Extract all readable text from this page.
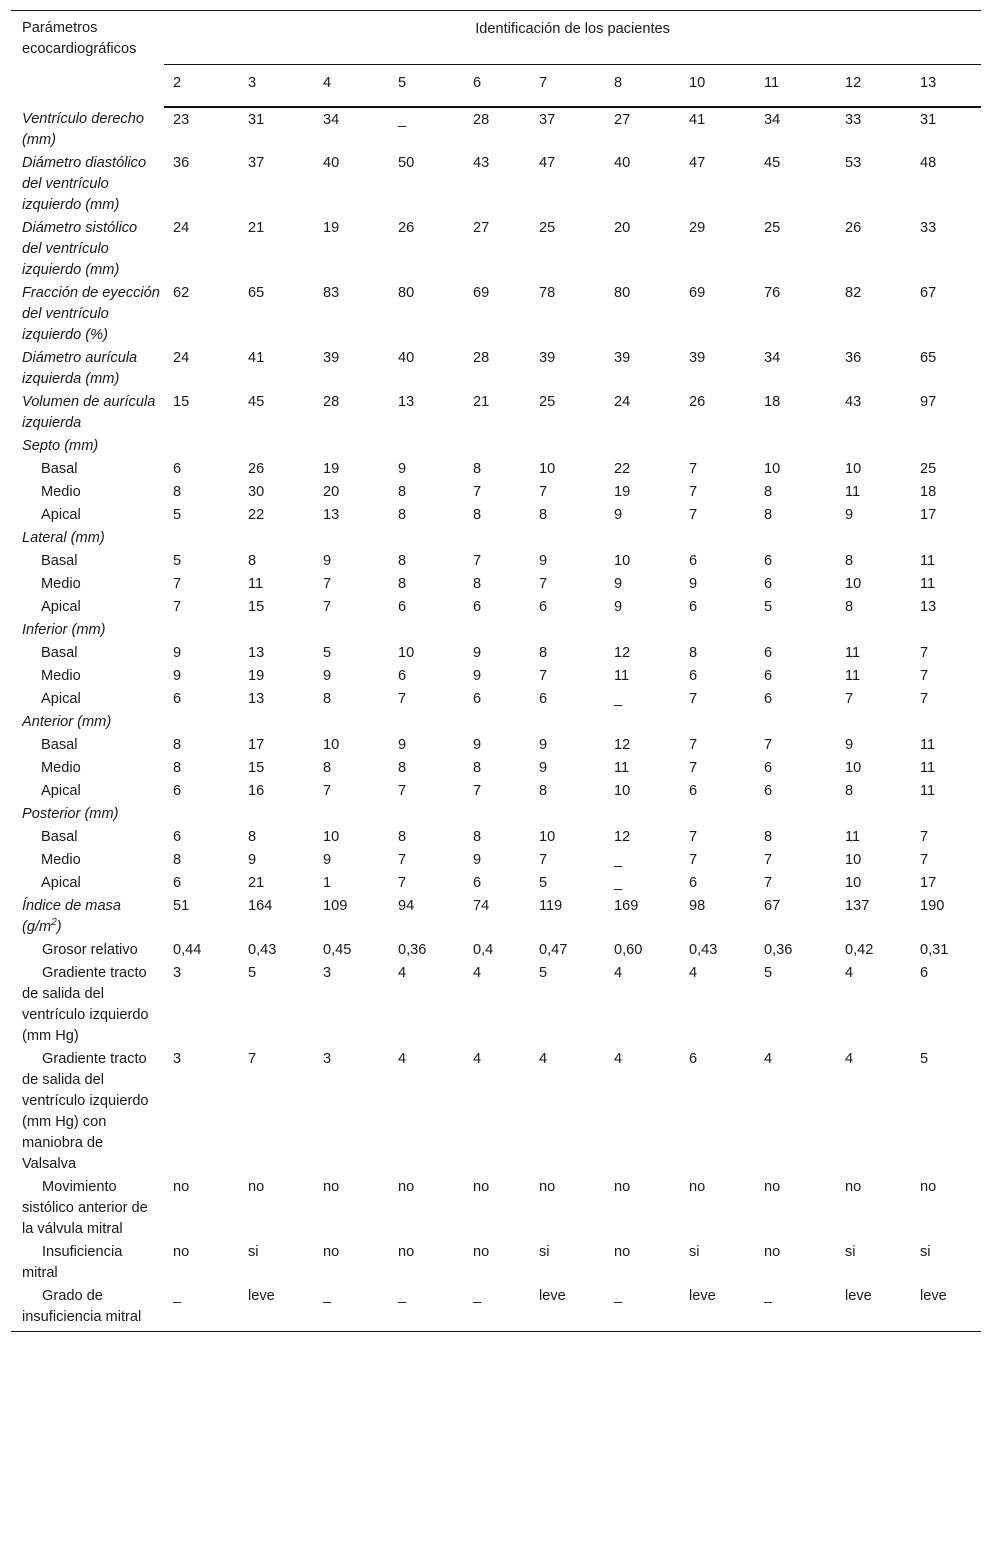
Parámetros ecocardiográficos	Identificación de los pacientes										
	2	3	4	5	6	7	8	10	11	12	13
Ventrículo derecho (mm)	23	31	34	_	28	37	27	41	34	33	31
Diámetro diastólico del ventrículo izquierdo (mm)	36	37	40	50	43	47	40	47	45	53	48
Diámetro sistólico del ventrículo izquierdo (mm)	24	21	19	26	27	25	20	29	25	26	33
Fracción de eyección del ventrículo izquierdo (%)	62	65	83	80	69	78	80	69	76	82	67
Diámetro aurícula izquierda (mm)	24	41	39	40	28	39	39	39	34	36	65
Volumen de aurícula izquierda	15	45	28	13	21	25	24	26	18	43	97
Septo (mm)											
Basal	6	26	19	9	8	10	22	7	10	10	25
Medio	8	30	20	8	7	7	19	7	8	11	18
Apical	5	22	13	8	8	8	9	7	8	9	17
Lateral (mm)											
Basal	5	8	9	8	7	9	10	6	6	8	11
Medio	7	11	7	8	8	7	9	9	6	10	11
Apical	7	15	7	6	6	6	9	6	5	8	13
Inferior (mm)											
Basal	9	13	5	10	9	8	12	8	6	11	7
Medio	9	19	9	6	9	7	11	6	6	11	7
Apical	6	13	8	7	6	6	_	7	6	7	7
Anterior (mm)											
Basal	8	17	10	9	9	9	12	7	7	9	11
Medio	8	15	8	8	8	9	11	7	6	10	11
Apical	6	16	7	7	7	8	10	6	6	8	11
Posterior (mm)											
Basal	6	8	10	8	8	10	12	7	8	11	7
Medio	8	9	9	7	9	7	_	7	7	10	7
Apical	6	21	1	7	6	5	_	6	7	10	17
Índice de masa $(g/m^2)$	51	164	109	94	74	119	169	98	67	137	190
Grosor relativo	0,44	0,43	0,45	0,36	0,4	0,47	0,60	0,43	0,36	0,42	0,31
Gradiente tracto de salida del ventrículo izquierdo (mm Hg)	3	5	3	4	4	5	4	4	5	4	6
Gradiente tracto de salida del ventrículo izquierdo (mm Hg) con maniobra de Valsalva	3	7	3	4	4	4	4	6	4	4	5
Movimiento sistólico anterior de la válvula mitral	no	no	no	no	no	no	no	no	no	no	no
Insuficiencia mitral	no	si	no	no	no	si	no	si	no	si	si
Grado de insuficiencia mitral	_	leve	_	_	_	leve	_	leve	_	leve	leve
